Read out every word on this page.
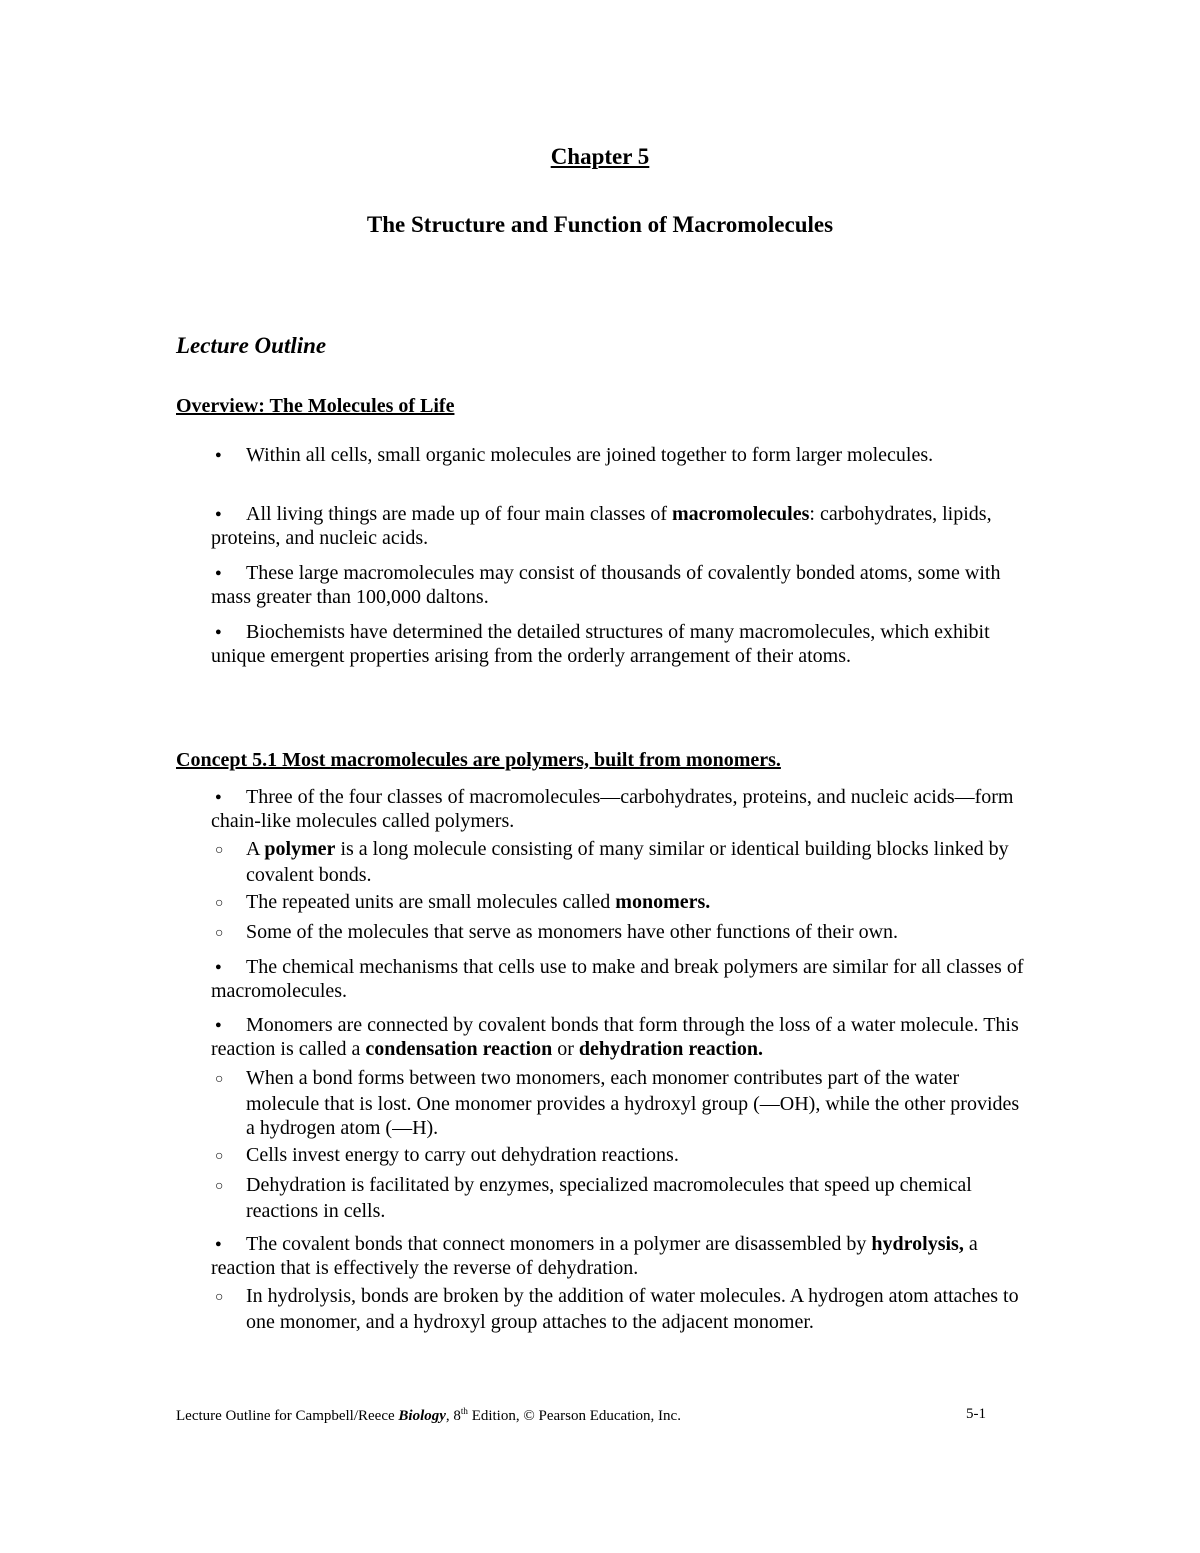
Chapter 5
The Structure and Function of Macromolecules
Lecture Outline
Overview: The Molecules of Life
●Within all cells, small organic molecules are joined together to form larger molecules.
●All living things are made up of four main classes of macromolecules: carbohydrates, lipids, proteins, and nucleic acids.
●These large macromolecules may consist of thousands of covalently bonded atoms, some with mass greater than 100,000 daltons.
●Biochemists have determined the detailed structures of many macromolecules, which exhibit unique emergent properties arising from the orderly arrangement of their atoms.
Concept 5.1 Most macromolecules are polymers, built from monomers.
●Three of the four classes of macromolecules—carbohydrates, proteins, and nucleic acids—form chain-like molecules called polymers.
○A polymer is a long molecule consisting of many similar or identical building blocks linked by covalent bonds.
○The repeated units are small molecules called monomers.
○Some of the molecules that serve as monomers have other functions of their own.
●The chemical mechanisms that cells use to make and break polymers are similar for all classes of macromolecules.
●Monomers are connected by covalent bonds that form through the loss of a water molecule. This reaction is called a condensation reaction or dehydration reaction.
○When a bond forms between two monomers, each monomer contributes part of the water molecule that is lost. One monomer provides a hydroxyl group (—OH), while the other provides a hydrogen atom (—H).
○Cells invest energy to carry out dehydration reactions.
○Dehydration is facilitated by enzymes, specialized macromolecules that speed up chemical reactions in cells.
●The covalent bonds that connect monomers in a polymer are disassembled by hydrolysis, a reaction that is effectively the reverse of dehydration.
○In hydrolysis, bonds are broken by the addition of water molecules. A hydrogen atom attaches to one monomer, and a hydroxyl group attaches to the adjacent monomer.
Lecture Outline for Campbell/Reece Biology, 8th Edition, © Pearson Education, Inc.	5-1
